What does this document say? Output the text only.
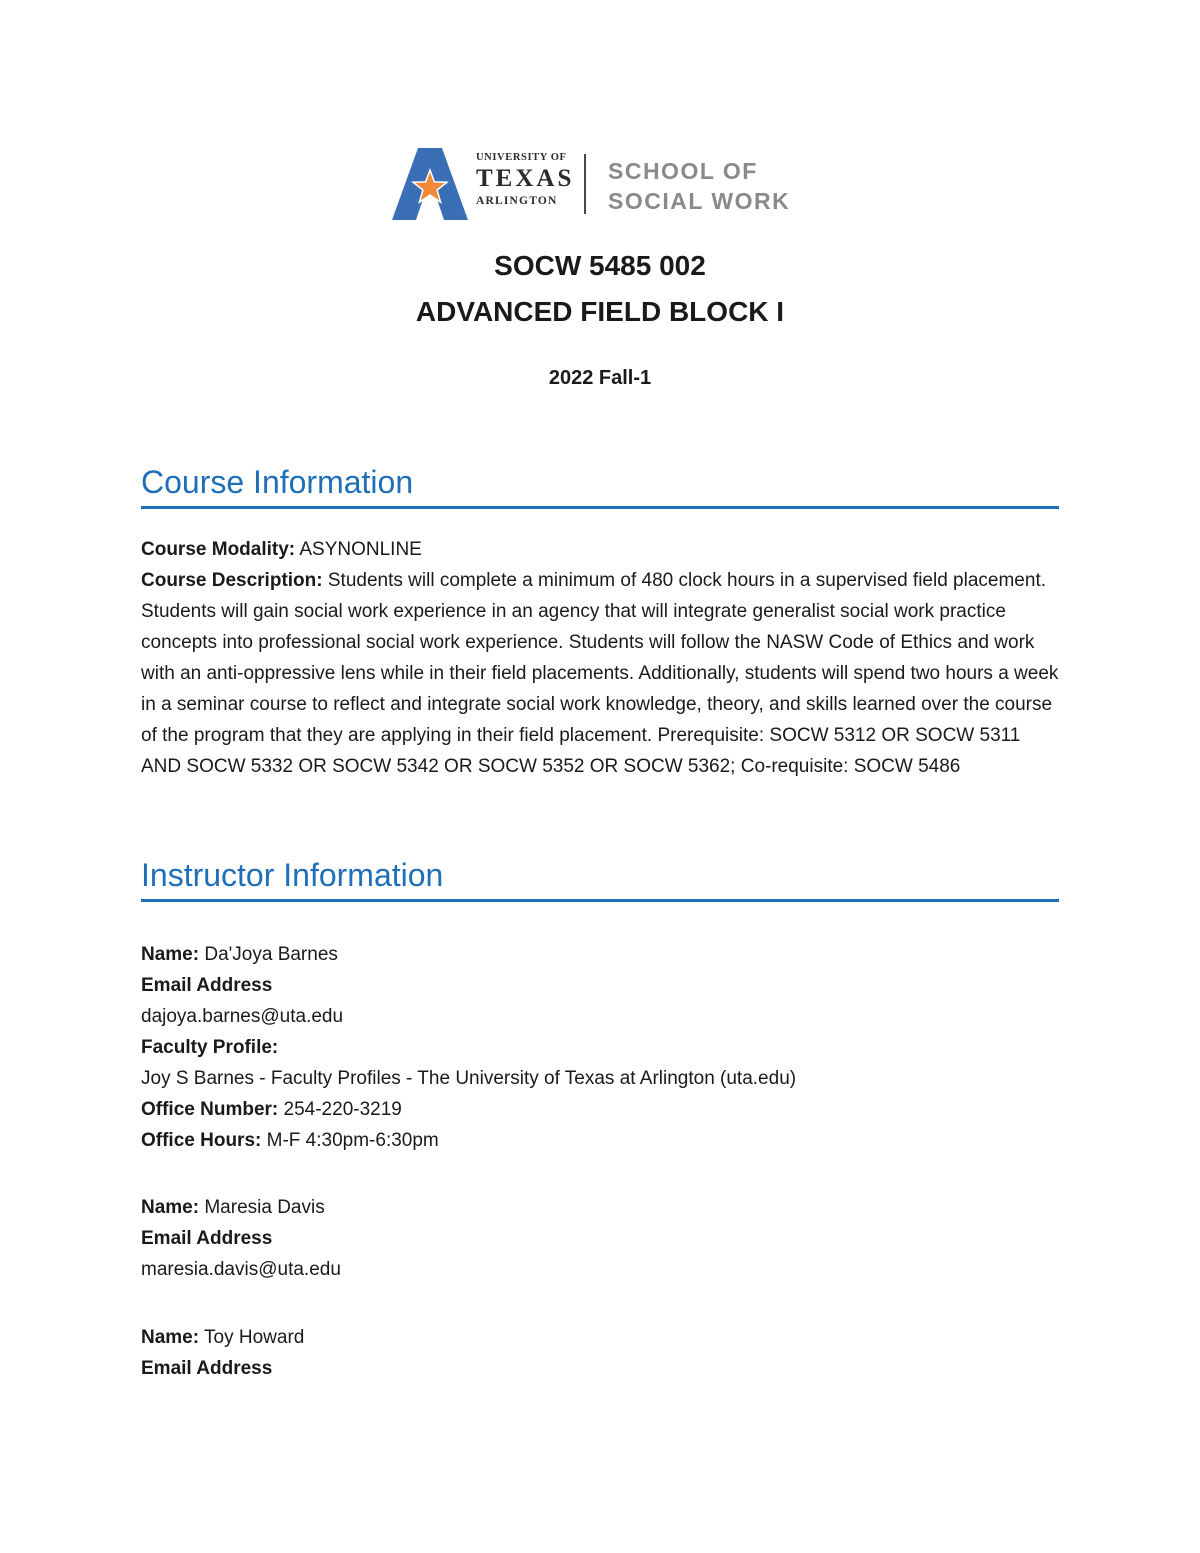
UNIVERSITY OF
TEXAS
ARLINGTON
SCHOOL OF
SOCIAL WORK
SOCW 5485 002
ADVANCED FIELD BLOCK I
2022 Fall-1
Course Information

Course Modality: ASYNONLINE

Course Description: Students will complete a minimum of 480 clock hours in a supervised field placement. Students will gain social work experience in an agency that will integrate generalist social work practice concepts into professional social work experience. Students will follow the NASW Code of Ethics and work with an anti-oppressive lens while in their field placements. Additionally, students will spend two hours a week in a seminar course to reflect and integrate social work knowledge, theory, and skills learned over the course of the program that they are applying in their field placement. Prerequisite: SOCW 5312 OR SOCW 5311 AND SOCW 5332 OR SOCW 5342 OR SOCW 5352 OR SOCW 5362; Co-requisite: SOCW 5486

Instructor Information

Name: Da'Joya Barnes

Email Address

dajoya.barnes@uta.edu

Faculty Profile:

Joy S Barnes - Faculty Profiles - The University of Texas at Arlington (uta.edu)

Office Number: 254-220-3219

Office Hours: M-F 4:30pm-6:30pm

Name: Maresia Davis

Email Address

maresia.davis@uta.edu

Name: Toy Howard

Email Address
